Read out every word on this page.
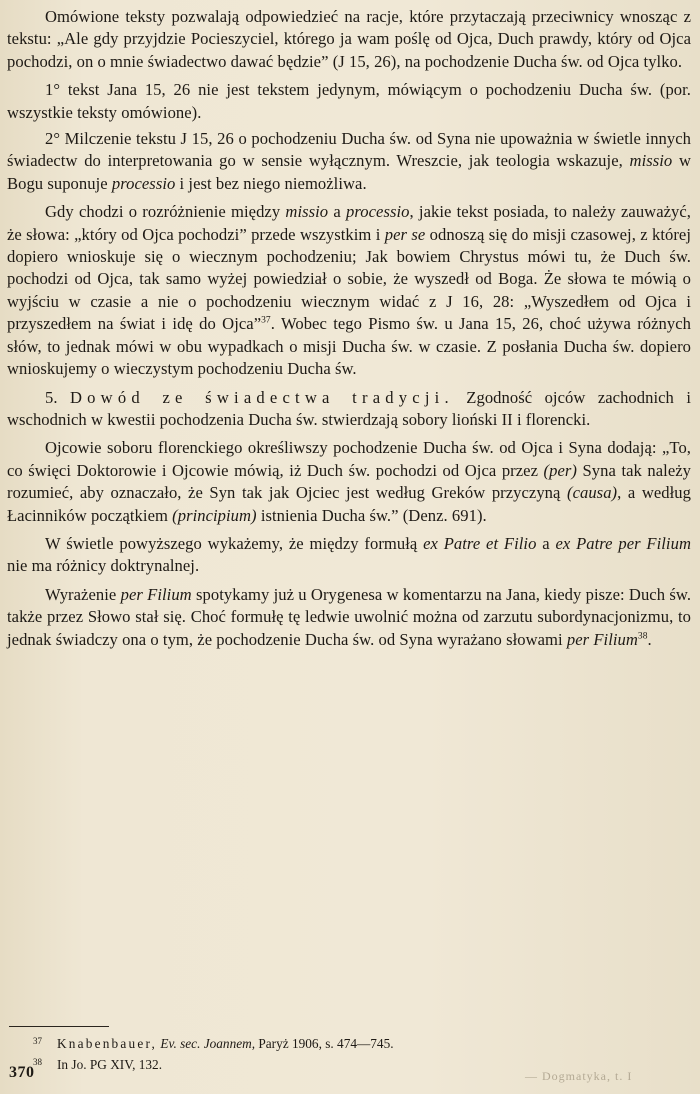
Omówione teksty pozwalają odpowiedzieć na racje, które przytaczają przeciwnicy wnosząc z tekstu: „Ale gdy przyjdzie Pocieszyciel, którego ja wam poślę od Ojca, Duch prawdy, który od Ojca pochodzi, on o mnie świadectwo dawać będzie” (J 15, 26), na pochodzenie Ducha św. od Ojca tylko.

1° tekst Jana 15, 26 nie jest tekstem jedynym, mówiącym o pochodzeniu Ducha św. (por. wszystkie teksty omówione).

2° Milczenie tekstu J 15, 26 o pochodzeniu Ducha św. od Syna nie upoważnia w świetle innych świadectw do interpretowania go w sensie wyłącznym. Wreszcie, jak teologia wskazuje, missio w Bogu suponuje processio i jest bez niego niemożliwa.

Gdy chodzi o rozróżnienie między missio a processio, jakie tekst posiada, to należy zauważyć, że słowa: „który od Ojca pochodzi” przede wszystkim i per se odnoszą się do misji czasowej, z której dopiero wnioskuje się o wiecznym pochodzeniu; Jak bowiem Chrystus mówi tu, że Duch św. pochodzi od Ojca, tak samo wyżej powiedział o sobie, że wyszedł od Boga. Że słowa te mówią o wyjściu w czasie a nie o pochodzeniu wiecznym widać z J 16, 28: „Wyszedłem od Ojca i przyszedłem na świat i idę do Ojca”$^{37}$. Wobec tego Pismo św. u Jana 15, 26, choć używa różnych słów, to jednak mówi w obu wypadkach o misji Ducha św. w czasie. Z posłania Ducha św. dopiero wnioskujemy o wieczystym pochodzeniu Ducha św.

5. Dowód ze świadectwa tradycji. Zgodność ojców zachodnich i wschodnich w kwestii pochodzenia Ducha św. stwierdzają sobory lioński II i florencki.

Ojcowie soboru florenckiego określiwszy pochodzenie Ducha św. od Ojca i Syna dodają: „To, co święci Doktorowie i Ojcowie mówią, iż Duch św. pochodzi od Ojca przez (per) Syna tak należy rozumieć, aby oznaczało, że Syn tak jak Ojciec jest według Greków przyczyną (causa), a według Łacinników początkiem (principium) istnienia Ducha św.” (Denz. 691).

W świetle powyższego wykażemy, że między formułą ex Patre et Filio a ex Patre per Filium nie ma różnicy doktrynalnej.

Wyrażenie per Filium spotykamy już u Orygenesa w komentarzu na Jana, kiedy pisze: Duch św. także przez Słowo stał się. Choć formułę tę ledwie uwolnić można od zarzutu subordynacjonizmu, to jednak świadczy ona o tym, że pochodzenie Ducha św. od Syna wyrażano słowami per Filium$^{38}$.

37 Knabenbauer, Ev. sec. Joannem, Paryż 1906, s. 474—745.
38 In Jo. PG XIV, 132.
370	— Dogmatyka, t. I
